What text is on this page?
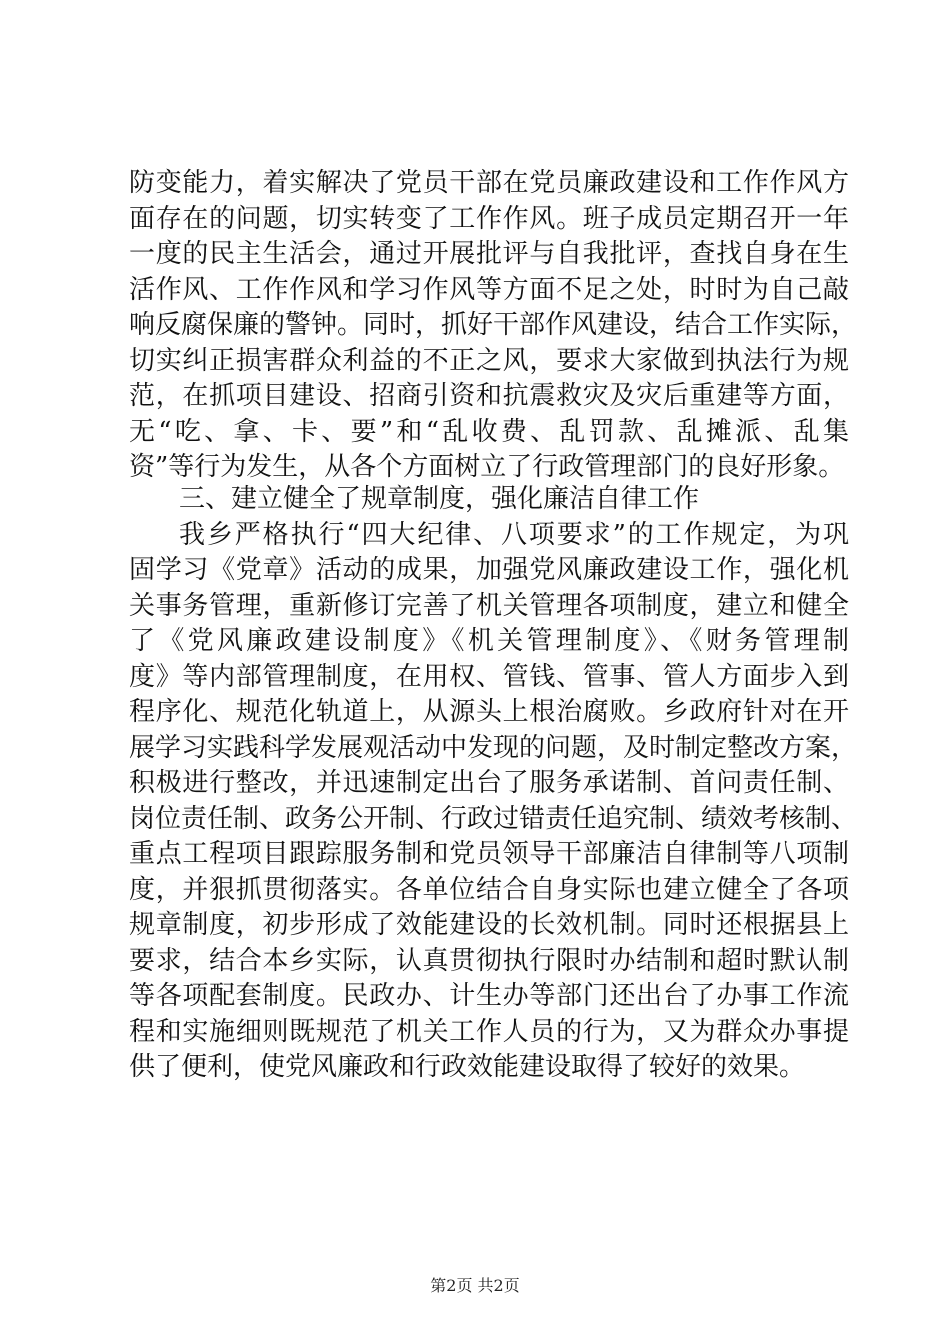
防变能力，着实解决了党员干部在党员廉政建设和工作作风方
面存在的问题，切实转变了工作作风。班子成员定期召开一年
一度的民主生活会，通过开展批评与自我批评，查找自身在生
活作风、工作作风和学习作风等方面不足之处，时时为自己敲
响反腐保廉的警钟。同时，抓好干部作风建设，结合工作实际，
切实纠正损害群众利益的不正之风，要求大家做到执法行为规
范，在抓项目建设、招商引资和抗震救灾及灾后重建等方面，
无“吃、拿、卡、要”和“乱收费、乱罚款、乱摊派、乱集
资”等行为发生，从各个方面树立了行政管理部门的良好形象。
三、建立健全了规章制度，强化廉洁自律工作
我乡严格执行“四大纪律、八项要求”的工作规定，为巩
固学习《党章》活动的成果，加强党风廉政建设工作，强化机
关事务管理，重新修订完善了机关管理各项制度，建立和健全
了《党风廉政建设制度》《机关管理制度》、《财务管理制
度》等内部管理制度，在用权、管钱、管事、管人方面步入到
程序化、规范化轨道上，从源头上根治腐败。乡政府针对在开
展学习实践科学发展观活动中发现的问题，及时制定整改方案，
积极进行整改，并迅速制定出台了服务承诺制、首问责任制、
岗位责任制、政务公开制、行政过错责任追究制、绩效考核制、
重点工程项目跟踪服务制和党员领导干部廉洁自律制等八项制
度，并狠抓贯彻落实。各单位结合自身实际也建立健全了各项
规章制度，初步形成了效能建设的长效机制。同时还根据县上
要求，结合本乡实际，认真贯彻执行限时办结制和超时默认制
等各项配套制度。民政办、计生办等部门还出台了办事工作流
程和实施细则既规范了机关工作人员的行为，又为群众办事提
供了便利，使党风廉政和行政效能建设取得了较好的效果。
第2页 共2页
